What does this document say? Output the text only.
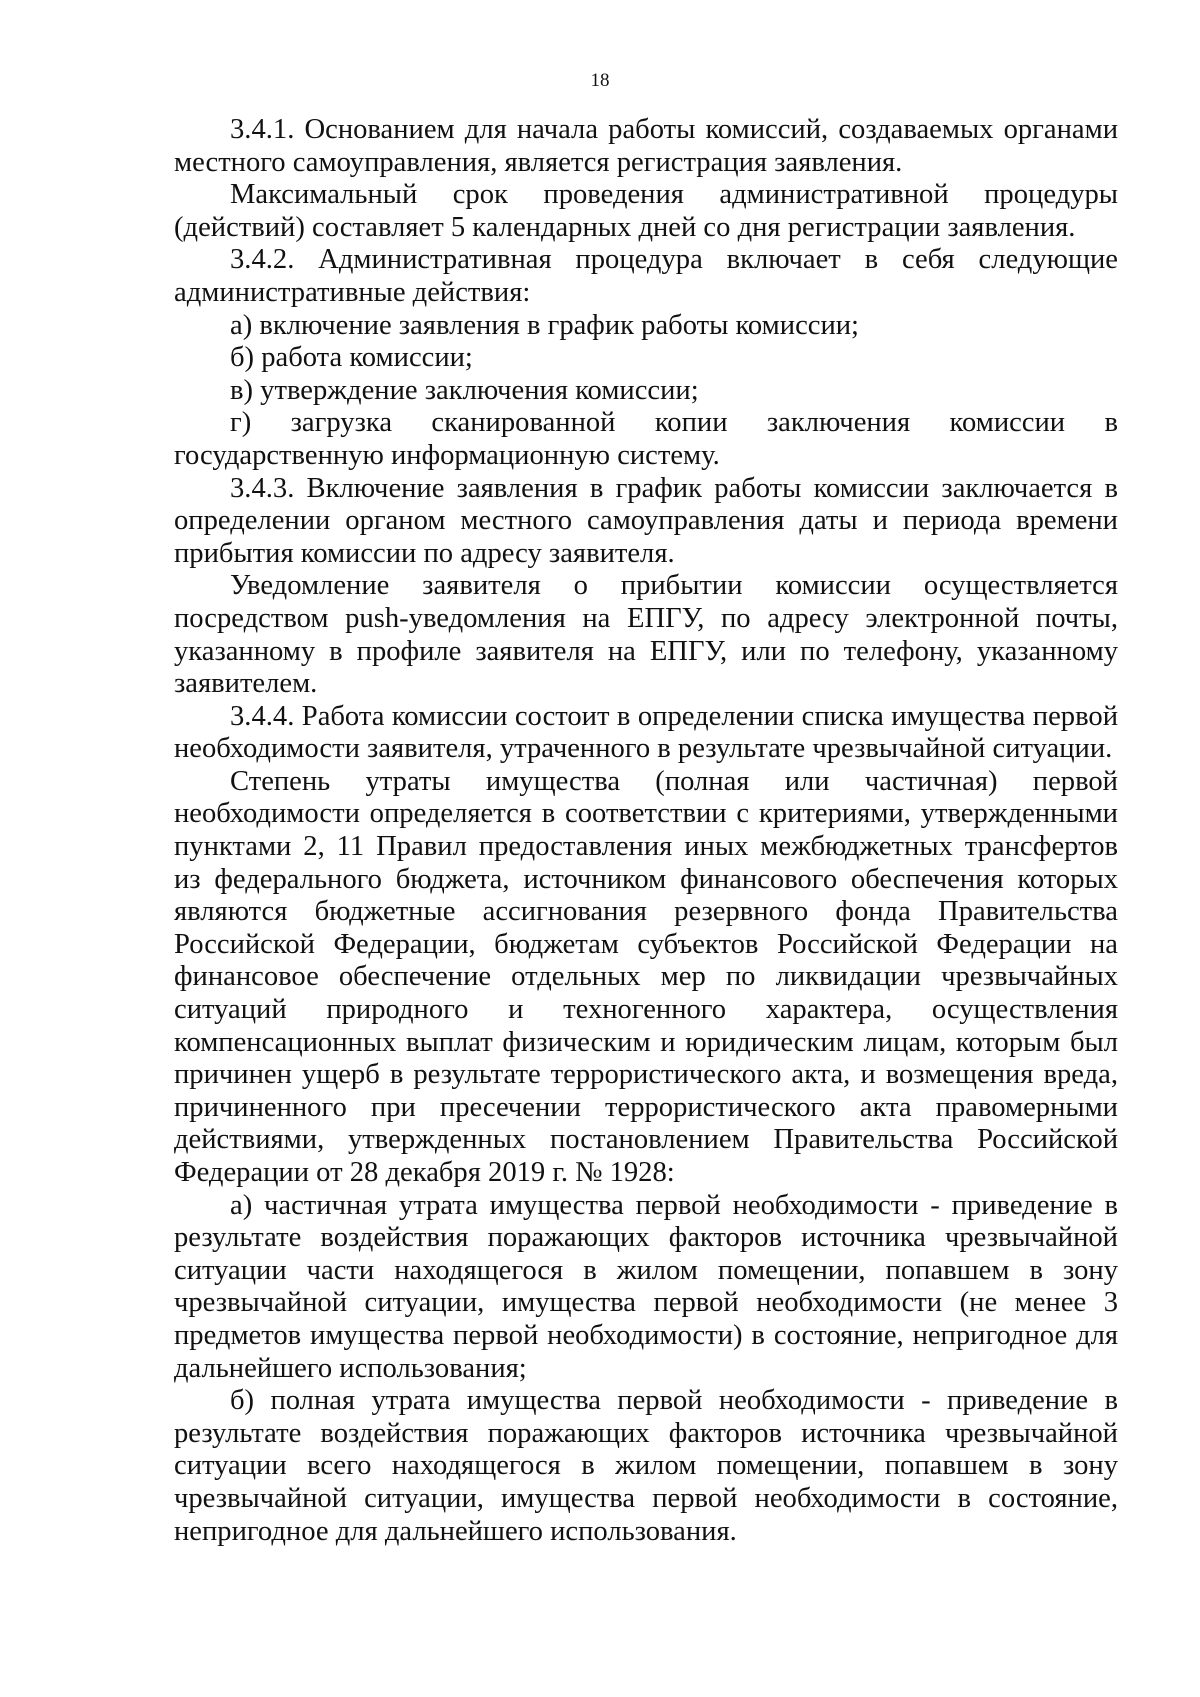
18

3.4.1. Основанием для начала работы комиссий, создаваемых органами местного самоуправления, является регистрация заявления.

Максимальный срок проведения административной процедуры (действий) составляет 5 календарных дней со дня регистрации заявления.

3.4.2. Административная процедура включает в себя следующие административные действия:

а) включение заявления в график работы комиссии;

б) работа комиссии;

в) утверждение заключения комиссии;

г) загрузка сканированной копии заключения комиссии в государственную информационную систему.

3.4.3. Включение заявления в график работы комиссии заключается в определении органом местного самоуправления даты и периода времени прибытия комиссии по адресу заявителя.

Уведомление заявителя о прибытии комиссии осуществляется посредством push-уведомления на ЕПГУ, по адресу электронной почты, указанному в профиле заявителя на ЕПГУ, или по телефону, указанному заявителем.

3.4.4. Работа комиссии состоит в определении списка имущества первой необходимости заявителя, утраченного в результате чрезвычайной ситуации.

Степень утраты имущества (полная или частичная) первой необходимости определяется в соответствии с критериями, утвержденными пунктами 2, 11 Правил предоставления иных межбюджетных трансфертов из федерального бюджета, источником финансового обеспечения которых являются бюджетные ассигнования резервного фонда Правительства Российской Федерации, бюджетам субъектов Российской Федерации на финансовое обеспечение отдельных мер по ликвидации чрезвычайных ситуаций природного и техногенного характера, осуществления компенсационных выплат физическим и юридическим лицам, которым был причинен ущерб в результате террористического акта, и возмещения вреда, причиненного при пресечении террористического акта правомерными действиями, утвержденных постановлением Правительства Российской Федерации от 28 декабря 2019 г. № 1928:

а) частичная утрата имущества первой необходимости - приведение в результате воздействия поражающих факторов источника чрезвычайной ситуации части находящегося в жилом помещении, попавшем в зону чрезвычайной ситуации, имущества первой необходимости (не менее 3 предметов имущества первой необходимости) в состояние, непригодное для дальнейшего использования;

б) полная утрата имущества первой необходимости - приведение в результате воздействия поражающих факторов источника чрезвычайной ситуации всего находящегося в жилом помещении, попавшем в зону чрезвычайной ситуации, имущества первой необходимости в состояние, непригодное для дальнейшего использования.
